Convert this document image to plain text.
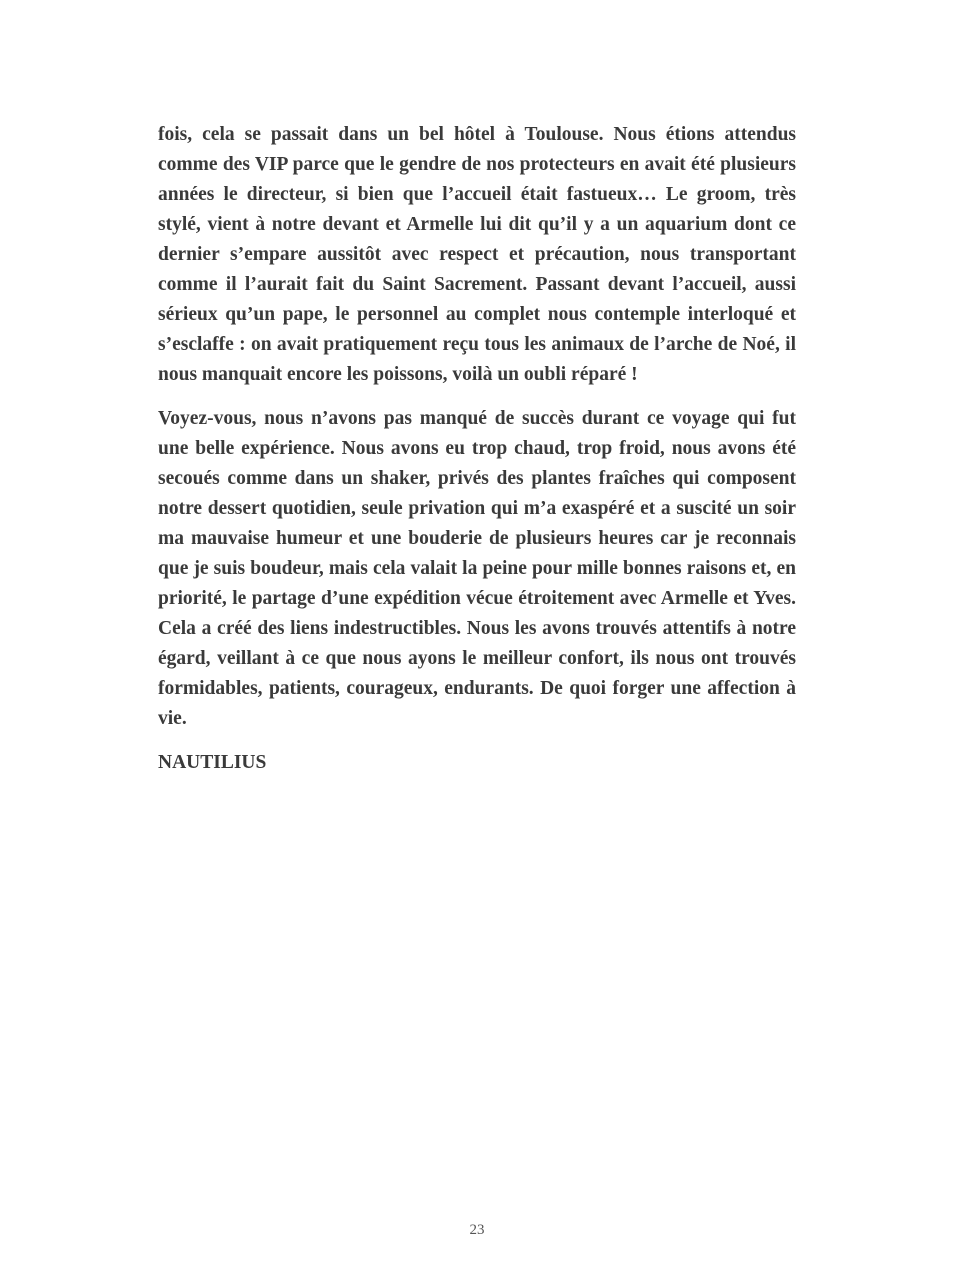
fois, cela se passait dans un bel hôtel à Toulouse. Nous étions attendus comme des VIP parce que le gendre de nos protecteurs en avait été plusieurs années le directeur, si bien que l’accueil était fastueux… Le groom, très stylé, vient à notre devant et Armelle lui dit qu’il y a un aquarium dont ce dernier s’empare aussitôt avec respect et précaution, nous transportant comme il l’aurait fait du Saint Sacrement. Passant devant l’accueil, aussi sérieux qu’un pape, le personnel au complet nous contemple interloqué et s’esclaffe : on avait pratiquement reçu tous les animaux de l’arche de Noé, il nous manquait encore les poissons, voilà un oubli réparé !

Voyez-vous, nous n’avons pas manqué de succès durant ce voyage qui fut une belle expérience. Nous avons eu trop chaud, trop froid, nous avons été secoués comme dans un shaker, privés des plantes fraîches qui composent notre dessert quotidien, seule privation qui m’a exaspéré et a suscité un soir ma mauvaise humeur et une bouderie de plusieurs heures car je reconnais que je suis boudeur, mais cela valait la peine pour mille bonnes raisons et, en priorité, le partage d’une expédition vécue étroitement avec Armelle et Yves. Cela a créé des liens indestructibles. Nous les avons trouvés attentifs à notre égard, veillant à ce que nous ayons le meilleur confort, ils nous ont trouvés formidables, patients, courageux, endurants. De quoi forger une affection à vie.

NAUTILIUS

23
